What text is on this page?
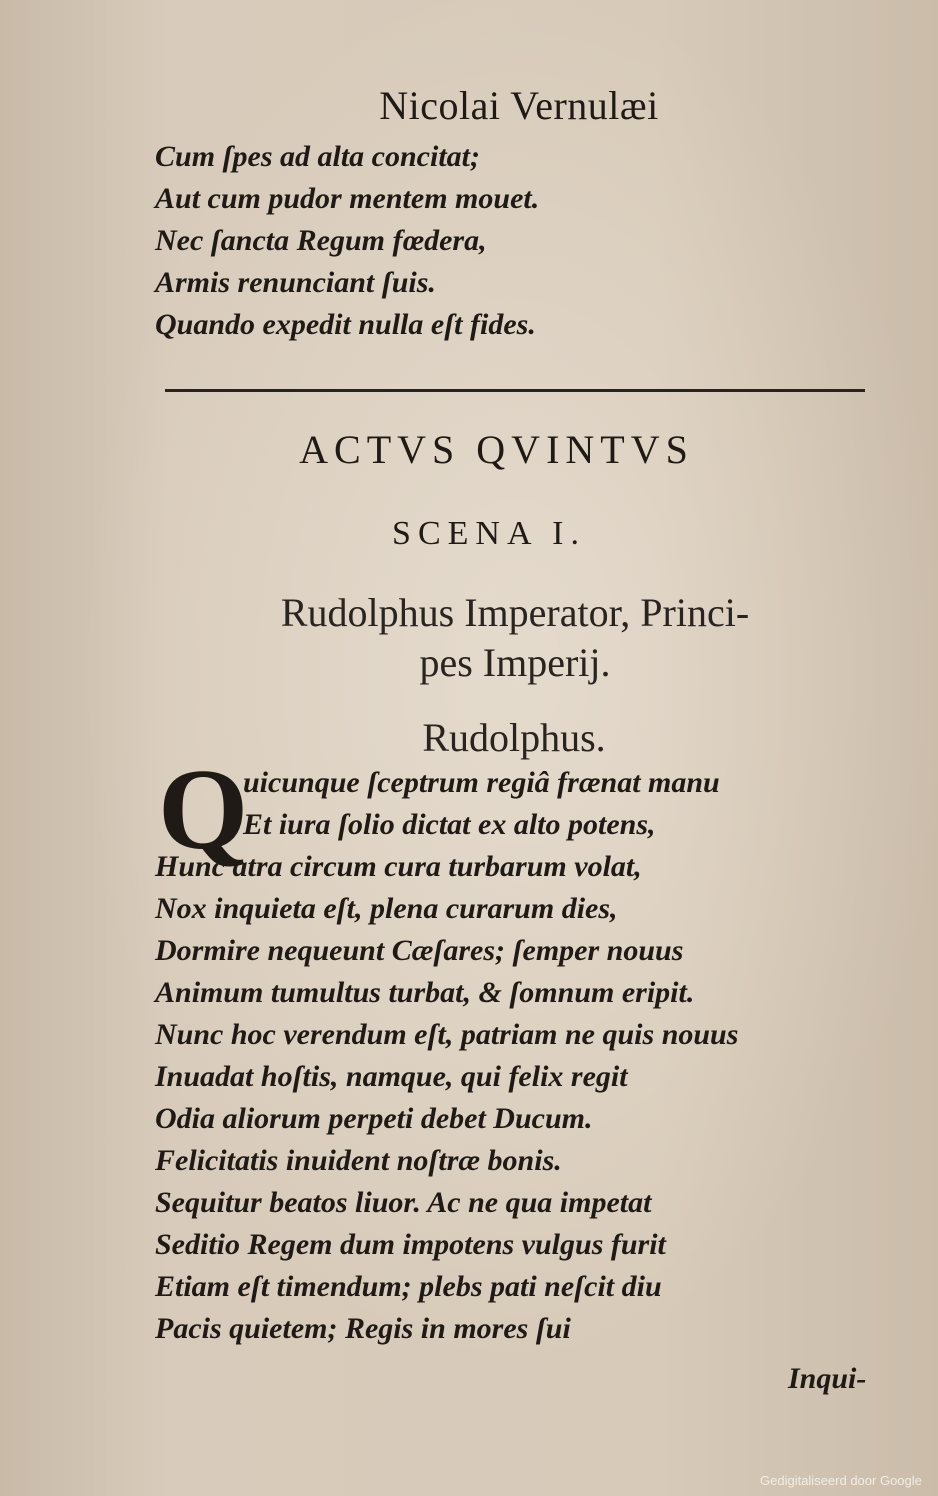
Nicolai Vernulæi
Cum ſpes ad alta concitat;
Aut cum pudor mentem mouet.
Nec ſancta Regum fœdera,
Armis renunciant ſuis.
Quando expedit nulla eſt fides.
ACTVS QVINTVS
SCENA I.
Rudolphus Imperator, Princi-
pes Imperij.
Rudolphus.
Q
uicunque ſceptrum regiâ frænat manu
Et iura ſolio dictat ex alto potens,
Hunc atra circum cura turbarum volat,
Nox inquieta eſt, plena curarum dies,
Dormire nequeunt Cæſares; ſemper nouus
Animum tumultus turbat, & ſomnum eripit.
Nunc hoc verendum eſt, patriam ne quis nouus
Inuadat hoſtis, namque, qui felix regit
Odia aliorum perpeti debet Ducum.
Felicitatis inuident noſtræ bonis.
Sequitur beatos liuor. Ac ne qua impetat
Seditio Regem dum impotens vulgus furit
Etiam eſt timendum; plebs pati neſcit diu
Pacis quietem; Regis in mores ſui
Inqui-
Gedigitaliseerd door Google
